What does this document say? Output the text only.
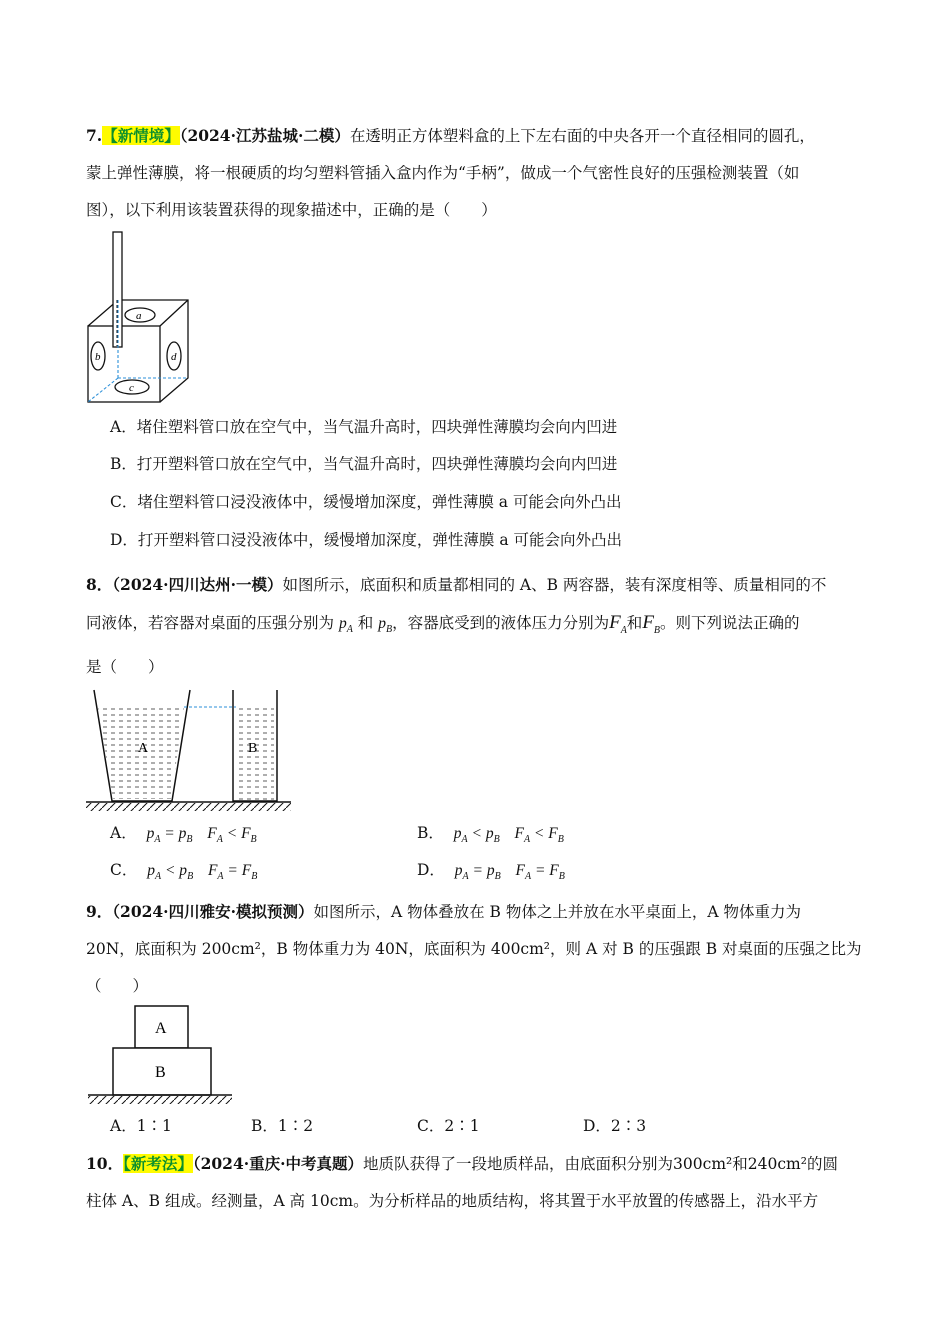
7.【新情境】（2024·江苏盐城·二模）在透明正方体塑料盒的上下左右面的中央各开一个直径相同的圆孔，
蒙上弹性薄膜，将一根硬质的均匀塑料管插入盒内作为“手柄”，做成一个气密性良好的压强检测装置（如
图），以下利用该装置获得的现象描述中，正确的是（　　）
a
b
c
d
A．堵住塑料管口放在空气中，当气温升高时，四块弹性薄膜均会向内凹进
B．打开塑料管口放在空气中，当气温升高时，四块弹性薄膜均会向内凹进
C．堵住塑料管口浸没液体中，缓慢增加深度，弹性薄膜 a 可能会向外凸出
D．打开塑料管口浸没液体中，缓慢增加深度，弹性薄膜 a 可能会向外凸出
8．（2024·四川达州·一模）如图所示，底面积和质量都相同的 A、B 两容器，装有深度相等、质量相同的不
同液体，若容器对桌面的压强分别为 $p_A$ 和 $p_B$，容器底受到的液体压力分别为$F_A$和$F_B$。则下列说法正确的
是（　　）
A	B
A． $p_A = p_B$ $F_A < F_B$	B． $p_A < p_B$ $F_A < F_B$
C． $p_A < p_B$ $F_A = F_B$	D． $p_A = p_B$ $F_A = F_B$
9．（2024·四川雅安·模拟预测）如图所示，A 物体叠放在 B 物体之上并放在水平桌面上，A 物体重力为
20N，底面积为 200cm²，B 物体重力为 40N，底面积为 400cm²，则 A 对 B 的压强跟 B 对桌面的压强之比为
（　　）
A
B
A．1∶1	B．1∶2	C．2∶1	D．2∶3
10．【新考法】（2024·重庆·中考真题）地质队获得了一段地质样品，由底面积分别为300cm²和240cm²的圆
柱体 A、B 组成。经测量，A 高 10cm。为分析样品的地质结构，将其置于水平放置的传感器上，沿水平方
